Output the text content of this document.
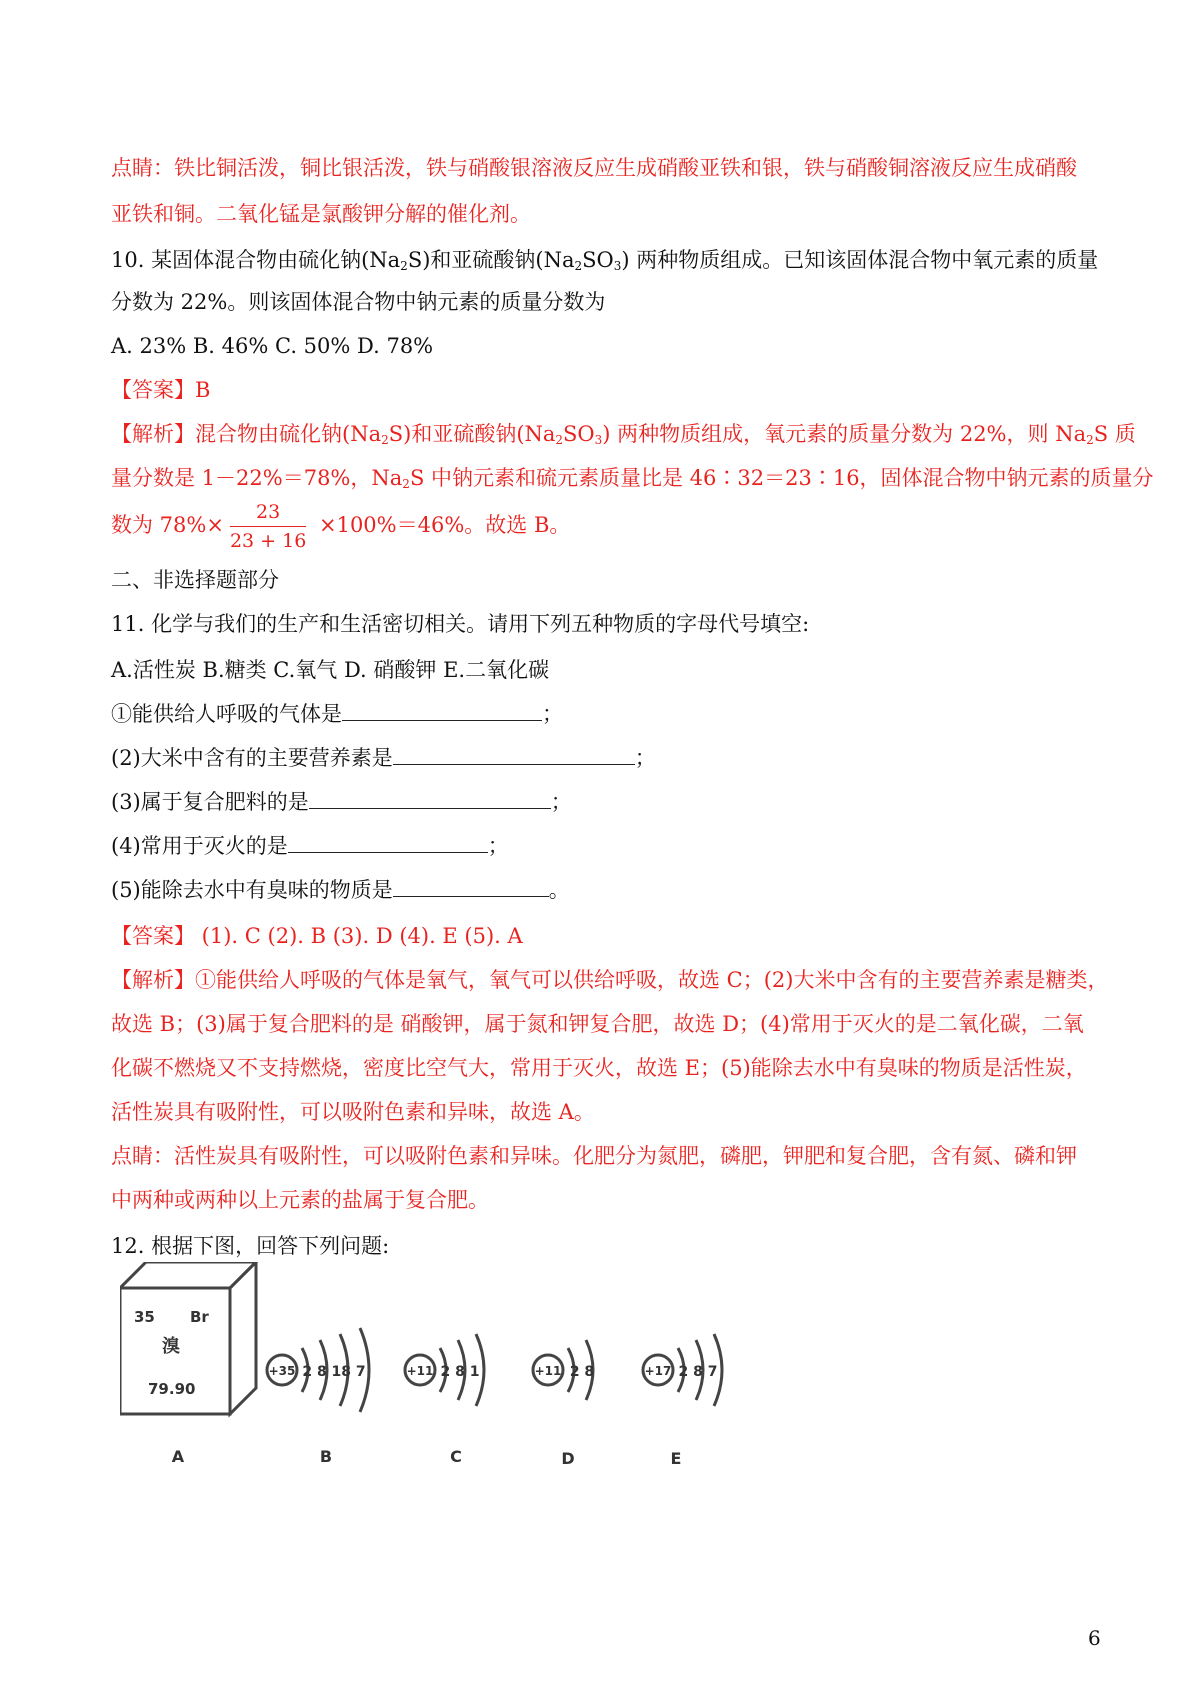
点睛：铁比铜活泼，铜比银活泼，铁与硝酸银溶液反应生成硝酸亚铁和银，铁与硝酸铜溶液反应生成硝酸
亚铁和铜。二氧化锰是氯酸钾分解的催化剂。
10. 某固体混合物由硫化钠$(Na_2S)$和亚硫酸钠$(Na_2SO_3)$ 两种物质组成。已知该固体混合物中氧元素的质量
分数为 22%。则该固体混合物中钠元素的质量分数为
A. 23% B. 46% C. 50% D. 78%
【答案】B
【解析】混合物由硫化钠$(Na_2S)$和亚硫酸钠$(Na_2SO_3)$ 两种物质组成，氧元素的质量分数为 22%，则 $Na_2S$ 质
量分数是 1－22%＝78%，$Na_2S$ 中钠元素和硫元素质量比是 46∶32＝23∶16，固体混合物中钠元素的质量分
数为 $78\%\times \frac{23}{23 + 16} \times 100\%=46\%$。故选 B。
二、非选择题部分
11. 化学与我们的生产和生活密切相关。请用下列五种物质的字母代号填空:
A.活性炭 B.糖类 C.氧气 D. 硝酸钾 E.二氧化碳
①能供给人呼吸的气体是	；
(2)大米中含有的主要营养素是	；
(3)属于复合肥料的是	；
(4)常用于灭火的是	；
(5)能除去水中有臭味的物质是	。
【答案】 (1). C (2). B (3). D (4). E (5). A
【解析】①能供给人呼吸的气体是氧气，氧气可以供给呼吸，故选 C；(2)大米中含有的主要营养素是糖类，
故选 B；(3)属于复合肥料的是 硝酸钾，属于氮和钾复合肥，故选 D；(4)常用于灭火的是二氧化碳，二氧
化碳不燃烧又不支持燃烧，密度比空气大，常用于灭火，故选 E；(5)能除去水中有臭味的物质是活性炭，
活性炭具有吸附性，可以吸附色素和异味，故选 A。
点睛：活性炭具有吸附性，可以吸附色素和异味。化肥分为氮肥，磷肥，钾肥和复合肥，含有氮、磷和钾
中两种或两种以上元素的盐属于复合肥。
12. 根据下图，回答下列问题:
35 Br
溴
79.90
+35 2 8 18 7	+11 2 8 1	+11 2 8	+17 2 8 7
A	B	C	D	E
6
